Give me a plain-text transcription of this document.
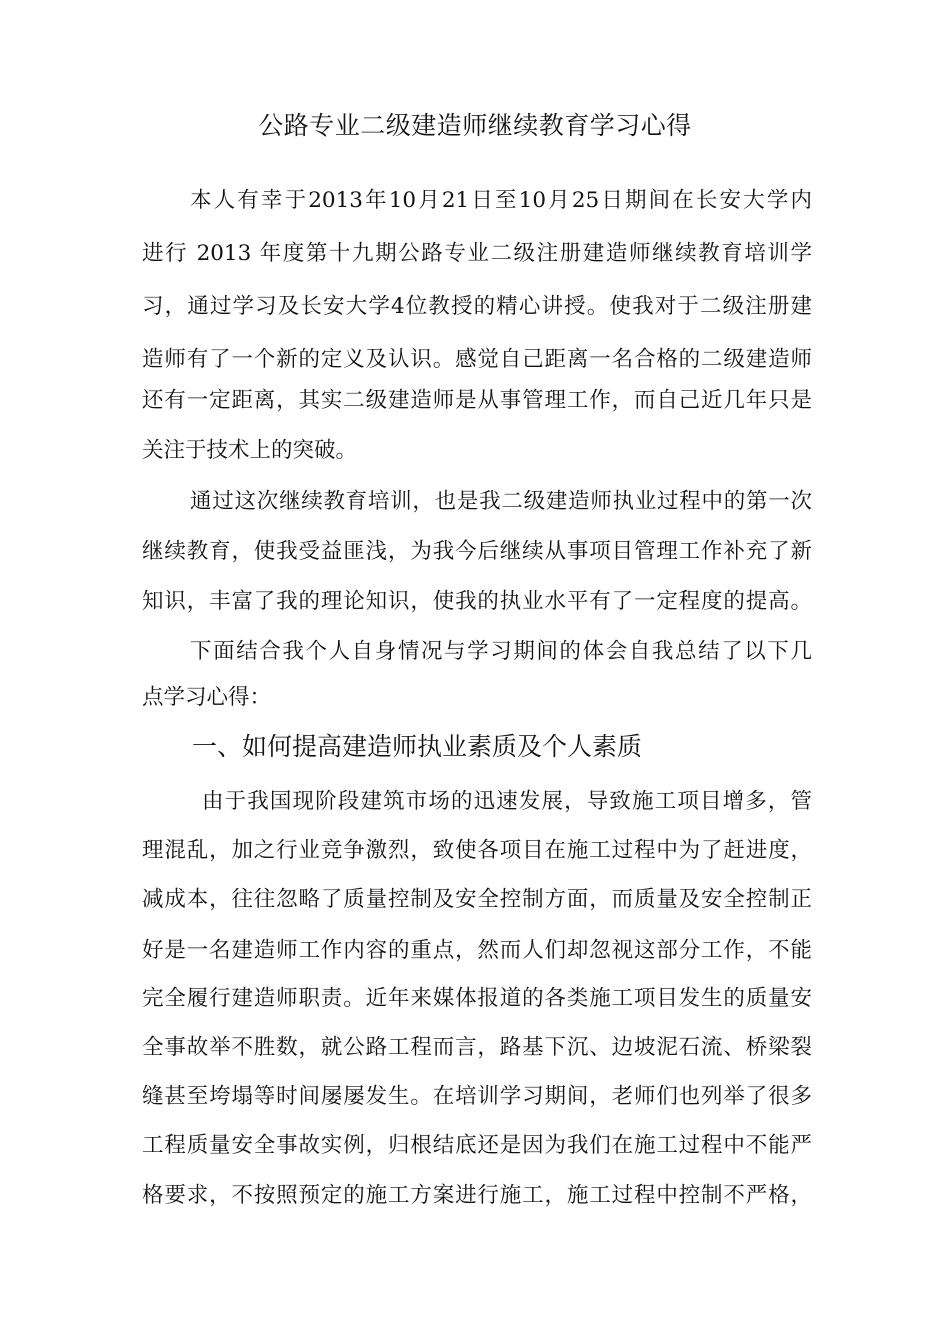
公路专业二级建造师继续教育学习心得
本人有幸于2013年10月21日至10月25日期间在长安大学内
进行 2013 年度第十九期公路专业二级注册建造师继续教育培训学
习，通过学习及长安大学4位教授的精心讲授。使我对于二级注册建
造师有了一个新的定义及认识。感觉自己距离一名合格的二级建造师
还有一定距离，其实二级建造师是从事管理工作，而自己近几年只是
关注于技术上的突破。
通过这次继续教育培训，也是我二级建造师执业过程中的第一次
继续教育，使我受益匪浅，为我今后继续从事项目管理工作补充了新
知识，丰富了我的理论知识，使我的执业水平有了一定程度的提高。
下面结合我个人自身情况与学习期间的体会自我总结了以下几
点学习心得：
一、如何提高建造师执业素质及个人素质
由于我国现阶段建筑市场的迅速发展，导致施工项目增多，管
理混乱，加之行业竞争激烈，致使各项目在施工过程中为了赶进度，
减成本，往往忽略了质量控制及安全控制方面，而质量及安全控制正
好是一名建造师工作内容的重点，然而人们却忽视这部分工作，不能
完全履行建造师职责。近年来媒体报道的各类施工项目发生的质量安
全事故举不胜数，就公路工程而言，路基下沉、边坡泥石流、桥梁裂
缝甚至垮塌等时间屡屡发生。在培训学习期间，老师们也列举了很多
工程质量安全事故实例，归根结底还是因为我们在施工过程中不能严
格要求，不按照预定的施工方案进行施工，施工过程中控制不严格，
